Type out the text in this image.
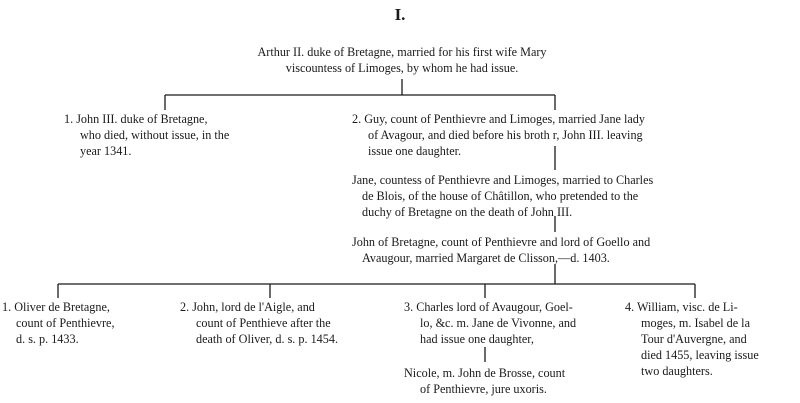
I.
Arthur II. duke of Bretagne, married for his first wife Mary
viscountess of Limoges, by whom he had issue.
1. John III. duke of Bretagne,
who died, without issue, in the
year 1341.
2. Guy, count of Penthievre and Limoges, married Jane lady
of Avagour, and died before his broth r, John III. leaving
issue one daughter.
Jane, countess of Penthievre and Limoges, married to Charles
de Blois, of the house of Châtillon, who pretended to the
duchy of Bretagne on the death of John III.
John of Bretagne, count of Penthievre and lord of Goello and
Avaugour, married Margaret de Clisson,—d. 1403.
1. Oliver de Bretagne,
count of Penthievre,
d. s. p. 1433.
2. John, lord de l'Aigle, and
count of Penthieve after the
death of Oliver, d. s. p. 1454.
3. Charles lord of Avaugour, Goel-
lo, &c. m. Jane de Vivonne, and
had issue one daughter,
4. William, visc. de Li-
moges, m. Isabel de la
Tour d'Auvergne, and
died 1455, leaving issue
two daughters.
Nicole, m. John de Brosse, count
of Penthievre, jure uxoris.
